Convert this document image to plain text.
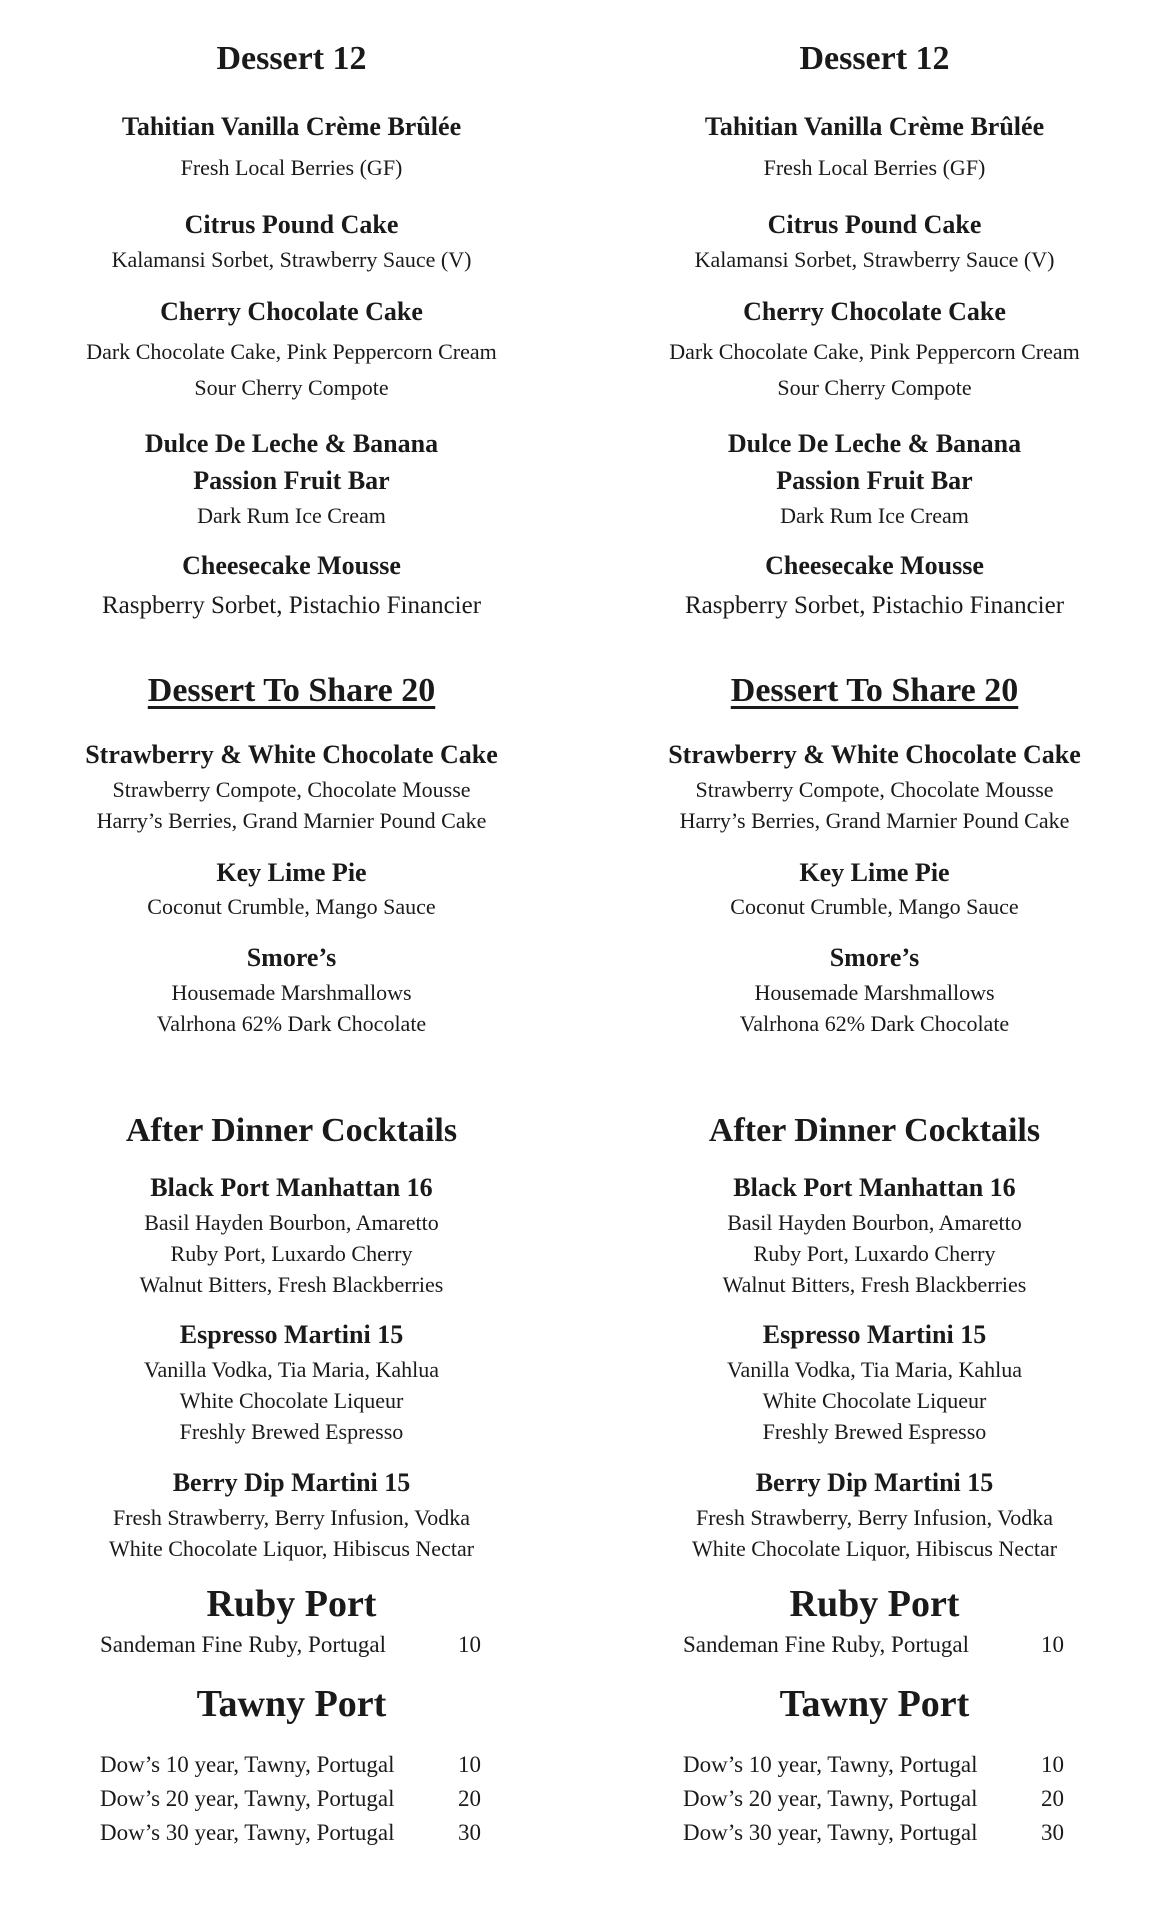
Dessert 12
Tahitian Vanilla Crème Brûlée
Fresh Local Berries (GF)
Citrus Pound Cake
Kalamansi Sorbet, Strawberry Sauce (V)
Cherry Chocolate Cake
Dark Chocolate Cake, Pink Peppercorn Cream
Sour Cherry Compote
Dulce De Leche & Banana
Passion Fruit Bar
Dark Rum Ice Cream
Cheesecake Mousse
Raspberry Sorbet, Pistachio Financier
Dessert To Share 20
Strawberry & White Chocolate Cake
Strawberry Compote, Chocolate Mousse
Harry’s Berries, Grand Marnier Pound Cake
Key Lime Pie
Coconut Crumble, Mango Sauce
Smore’s
Housemade Marshmallows
Valrhona 62% Dark Chocolate
After Dinner Cocktails
Black Port Manhattan 16
Basil Hayden Bourbon, Amaretto
Ruby Port, Luxardo Cherry
Walnut Bitters, Fresh Blackberries
Espresso Martini 15
Vanilla Vodka, Tia Maria, Kahlua
White Chocolate Liqueur
Freshly Brewed Espresso
Berry Dip Martini 15
Fresh Strawberry, Berry Infusion, Vodka
White Chocolate Liquor, Hibiscus Nectar
Ruby Port
Sandeman Fine Ruby, Portugal	10
Tawny Port
Dow’s 10 year, Tawny, Portugal	10
Dow’s 20 year, Tawny, Portugal	20
Dow’s 30 year, Tawny, Portugal	30
Dessert 12
Tahitian Vanilla Crème Brûlée
Fresh Local Berries (GF)
Citrus Pound Cake
Kalamansi Sorbet, Strawberry Sauce (V)
Cherry Chocolate Cake
Dark Chocolate Cake, Pink Peppercorn Cream
Sour Cherry Compote
Dulce De Leche & Banana
Passion Fruit Bar
Dark Rum Ice Cream
Cheesecake Mousse
Raspberry Sorbet, Pistachio Financier
Dessert To Share 20
Strawberry & White Chocolate Cake
Strawberry Compote, Chocolate Mousse
Harry’s Berries, Grand Marnier Pound Cake
Key Lime Pie
Coconut Crumble, Mango Sauce
Smore’s
Housemade Marshmallows
Valrhona 62% Dark Chocolate
After Dinner Cocktails
Black Port Manhattan 16
Basil Hayden Bourbon, Amaretto
Ruby Port, Luxardo Cherry
Walnut Bitters, Fresh Blackberries
Espresso Martini 15
Vanilla Vodka, Tia Maria, Kahlua
White Chocolate Liqueur
Freshly Brewed Espresso
Berry Dip Martini 15
Fresh Strawberry, Berry Infusion, Vodka
White Chocolate Liquor, Hibiscus Nectar
Ruby Port
Sandeman Fine Ruby, Portugal	10
Tawny Port
Dow’s 10 year, Tawny, Portugal	10
Dow’s 20 year, Tawny, Portugal	20
Dow’s 30 year, Tawny, Portugal	30
